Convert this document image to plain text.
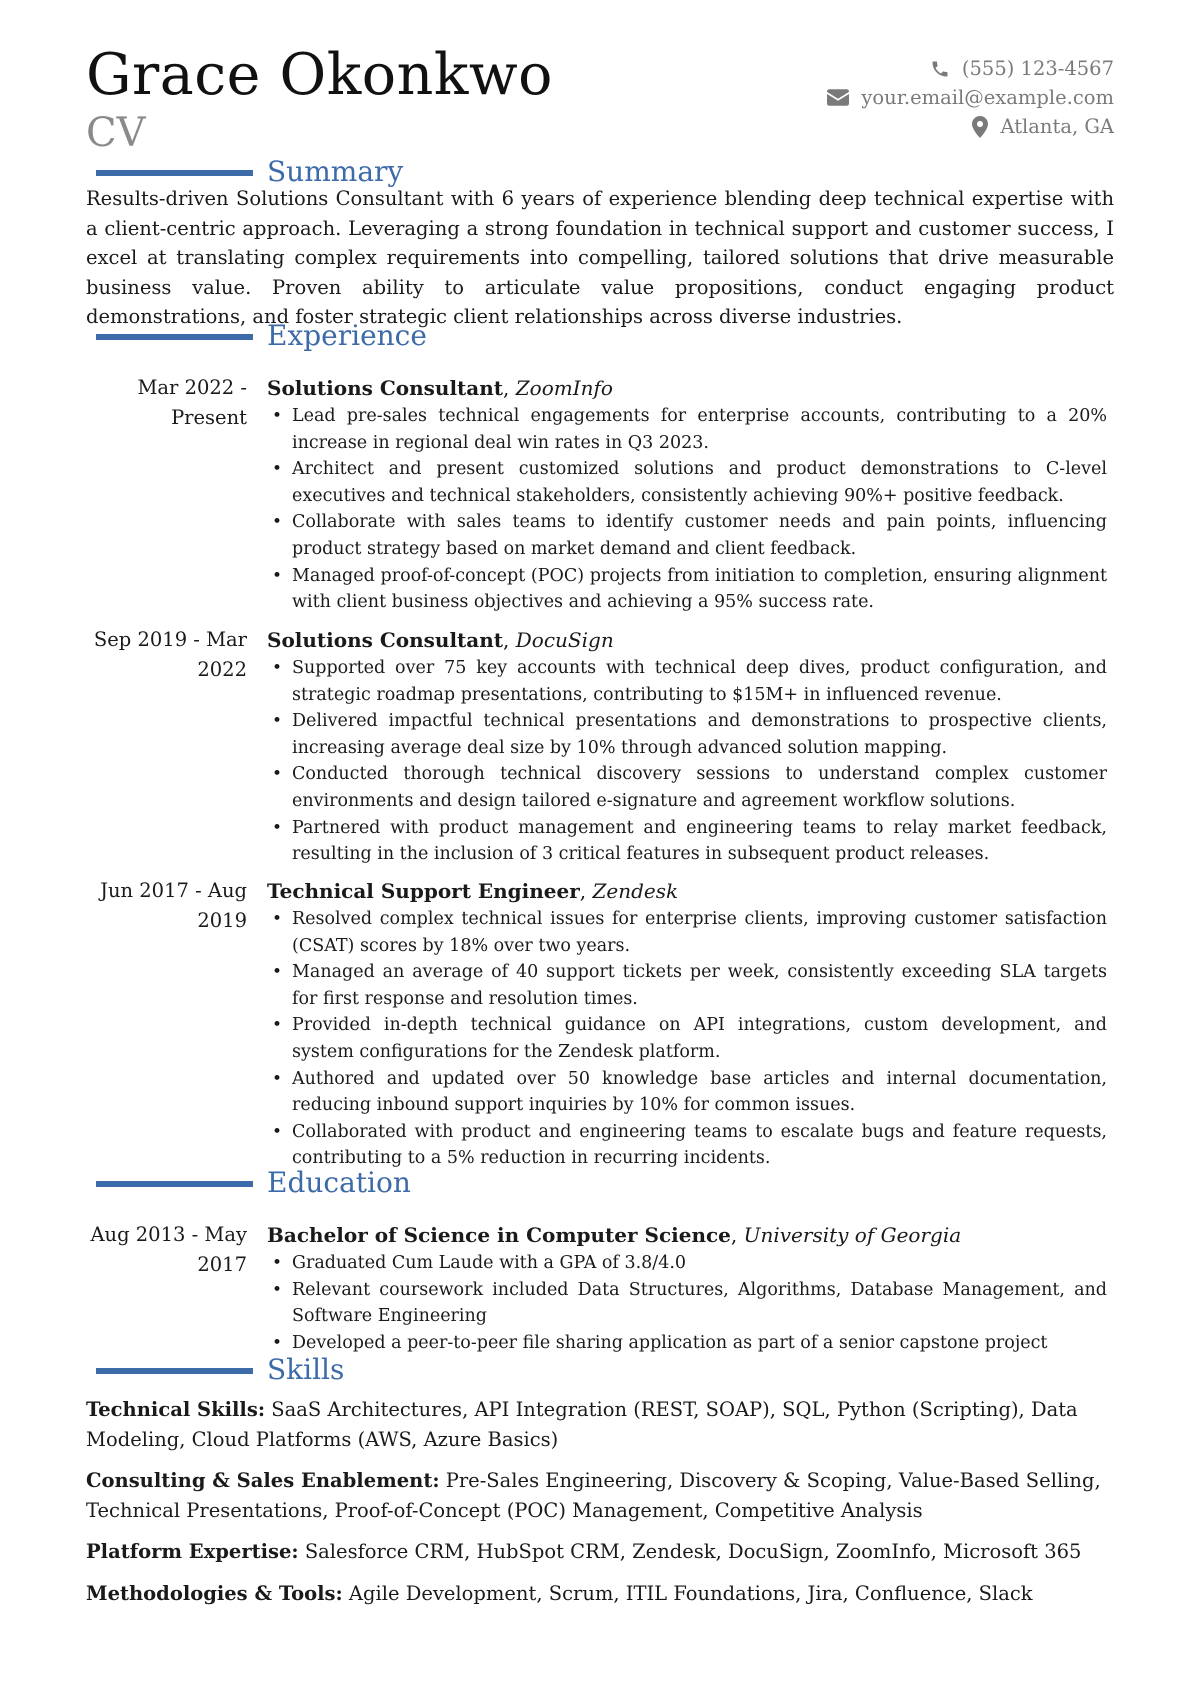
Grace Okonkwo
CV
(555) 123-4567
your.email@example.com
Atlanta, GA
Summary
Results-driven Solutions Consultant with 6 years of experience blending deep technical expertise with a client-centric approach. Leveraging a strong foundation in technical support and customer success, I excel at translating complex requirements into compelling, tailored solutions that drive measurable business value. Proven ability to articulate value propositions, conduct engaging product demonstrations, and foster strategic client relationships across diverse industries.
Experience
Mar 2022 - Present
Solutions Consultant, ZoomInfo
• Lead pre-sales technical engagements for enterprise accounts, contributing to a 20% increase in regional deal win rates in Q3 2023.
• Architect and present customized solutions and product demonstrations to C-level executives and technical stakeholders, consistently achieving 90%+ positive feedback.
• Collaborate with sales teams to identify customer needs and pain points, influencing product strategy based on market demand and client feedback.
• Managed proof-of-concept (POC) projects from initiation to completion, ensuring alignment with client business objectives and achieving a 95% success rate.
Sep 2019 - Mar 2022
Solutions Consultant, DocuSign
• Supported over 75 key accounts with technical deep dives, product configuration, and strategic roadmap presentations, contributing to $15M+ in influenced revenue.
• Delivered impactful technical presentations and demonstrations to prospective clients, increasing average deal size by 10% through advanced solution mapping.
• Conducted thorough technical discovery sessions to understand complex customer environments and design tailored e-signature and agreement workflow solutions.
• Partnered with product management and engineering teams to relay market feedback, resulting in the inclusion of 3 critical features in subsequent product releases.
Jun 2017 - Aug 2019
Technical Support Engineer, Zendesk
• Resolved complex technical issues for enterprise clients, improving customer satisfaction (CSAT) scores by 18% over two years.
• Managed an average of 40 support tickets per week, consistently exceeding SLA targets for first response and resolution times.
• Provided in-depth technical guidance on API integrations, custom development, and system configurations for the Zendesk platform.
• Authored and updated over 50 knowledge base articles and internal documentation, reducing inbound support inquiries by 10% for common issues.
• Collaborated with product and engineering teams to escalate bugs and feature requests, contributing to a 5% reduction in recurring incidents.
Education
Aug 2013 - May 2017
Bachelor of Science in Computer Science, University of Georgia
• Graduated Cum Laude with a GPA of 3.8/4.0
• Relevant coursework included Data Structures, Algorithms, Database Management, and Software Engineering
• Developed a peer-to-peer file sharing application as part of a senior capstone project
Skills
Technical Skills: SaaS Architectures, API Integration (REST, SOAP), SQL, Python (Scripting), Data Modeling, Cloud Platforms (AWS, Azure Basics)
Consulting & Sales Enablement: Pre-Sales Engineering, Discovery & Scoping, Value-Based Selling, Technical Presentations, Proof-of-Concept (POC) Management, Competitive Analysis
Platform Expertise: Salesforce CRM, HubSpot CRM, Zendesk, DocuSign, ZoomInfo, Microsoft 365
Methodologies & Tools: Agile Development, Scrum, ITIL Foundations, Jira, Confluence, Slack
